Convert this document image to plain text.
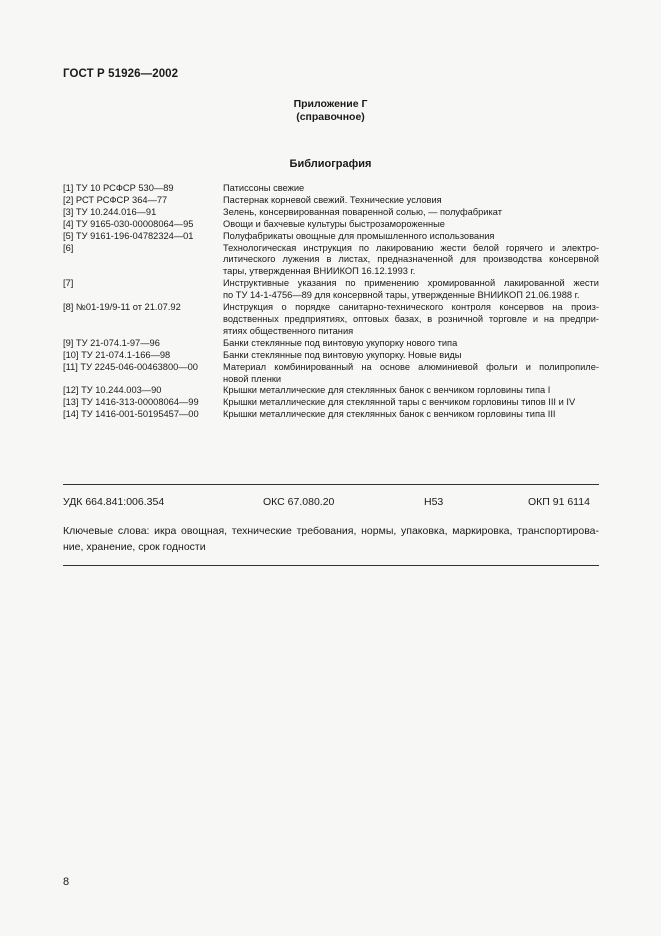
ГОСТ Р 51926—2002
Приложение Г
(справочное)
Библиография
[1] ТУ 10 РСФСР 530—89	Патиссоны свежие
[2] РСТ РСФСР 364—77	Пастернак корневой свежий. Технические условия
[3] ТУ 10.244.016—91	Зелень, консервированная поваренной солью, — полуфабрикат
[4] ТУ 9165-030-00008064—95	Овощи и бахчевые культуры быстрозамороженные
[5] ТУ 9161-196-04782324—01	Полуфабрикаты овощные для промышленного использования
[6]	Технологическая инструкция по лакированию жести белой горячего и электро-
литического лужения в листах, предназначенной для производства консервной
тары, утвержденная ВНИИКОП 16.12.1993 г.
[7]	Инструктивные указания по применению хромированной лакированной жести
по ТУ 14-1-4756—89 для консервной тары, утвержденные ВНИИКОП 21.06.1988 г.
[8] №01-19/9-11 от 21.07.92	Инструкция о порядке санитарно-технического контроля консервов на произ-
водственных предприятиях, оптовых базах, в розничной торговле и на предпри-
ятиях общественного питания
[9] ТУ 21-074.1-97—96	Банки стеклянные под винтовую укупорку нового типа
[10] ТУ 21-074.1-166—98	Банки стеклянные под винтовую укупорку. Новые виды
[11] ТУ 2245-046-00463800—00	Материал комбинированный на основе алюминиевой фольги и полипропиле-
новой пленки
[12] ТУ 10.244.003—90	Крышки металлические для стеклянных банок с венчиком горловины типа I
[13] ТУ 1416-313-00008064—99	Крышки металлические для стеклянной тары с венчиком горловины типов III и IV
[14] ТУ 1416-001-50195457—00	Крышки металлические для стеклянных банок с венчиком горловины типа III
УДК 664.841:006.354	ОКС 67.080.20	Н53	ОКП 91 6114
Ключевые слова: икра овощная, технические требования, нормы, упаковка, маркировка, транспортирова-ние, хранение, срок годности
8
